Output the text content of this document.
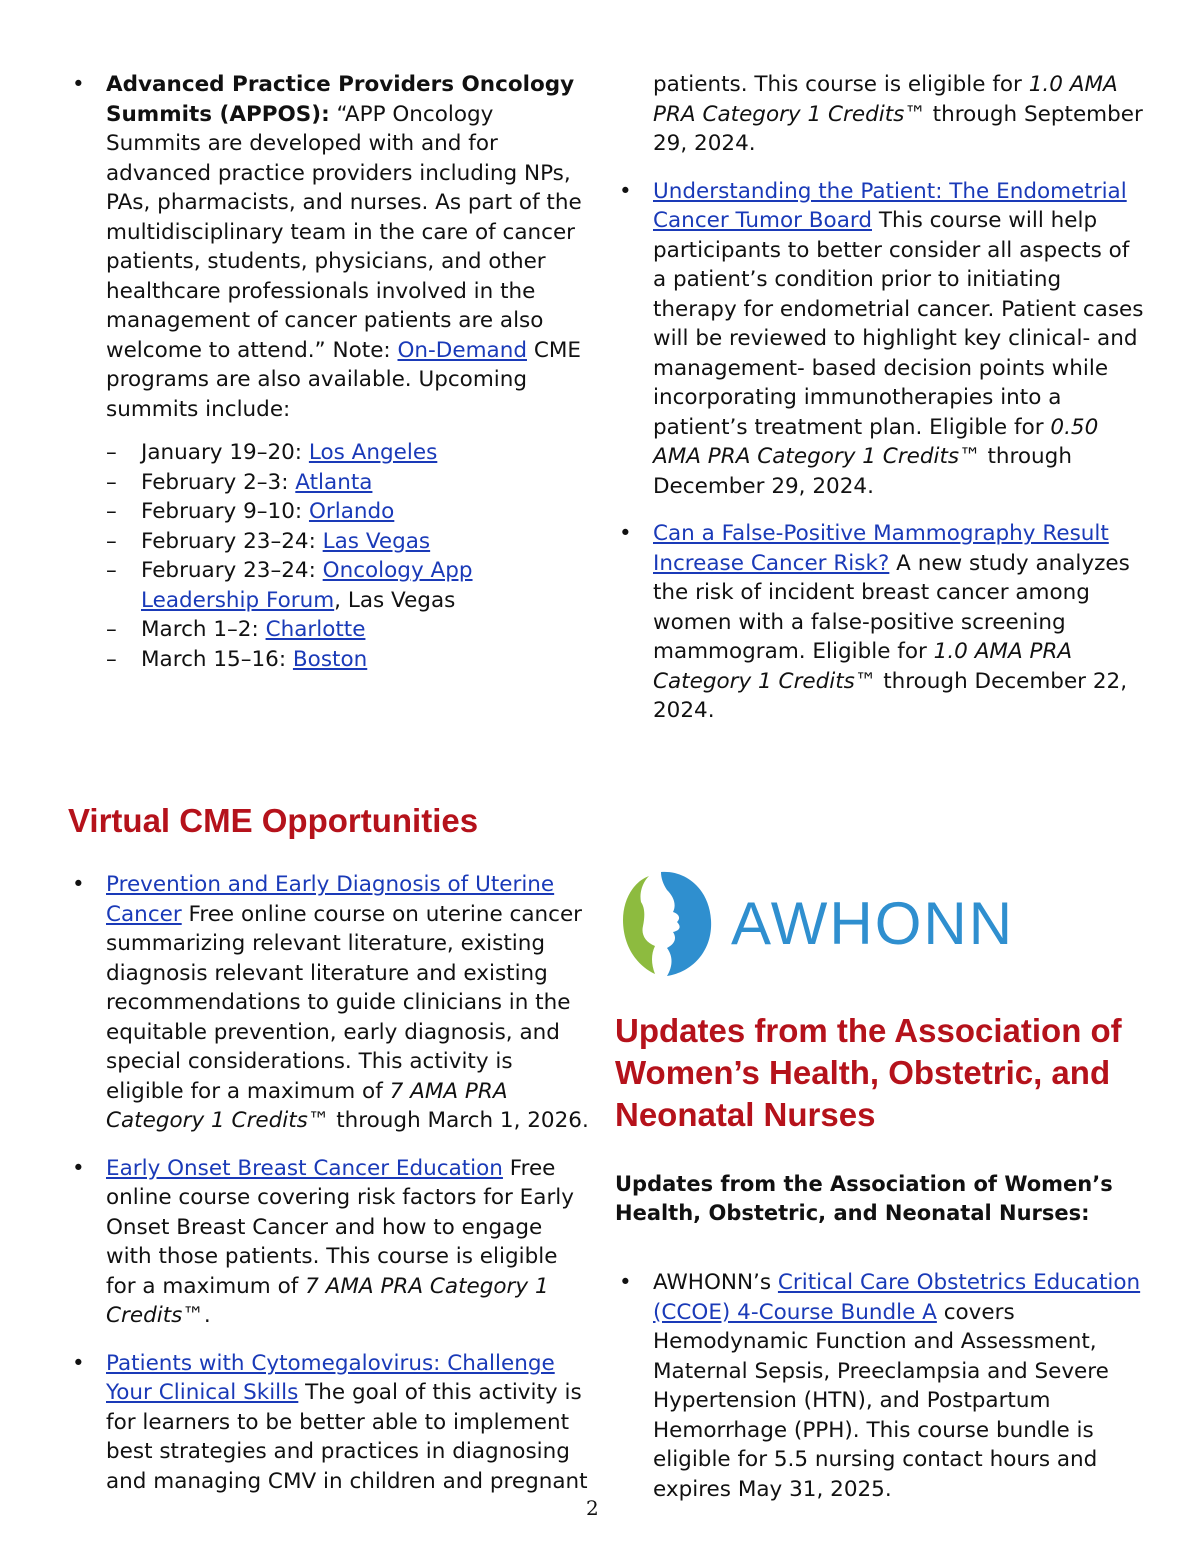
• Advanced Practice Providers Oncology Summits (APPOS): “APP Oncology Summits are developed with and for advanced practice providers including NPs, PAs, pharmacists, and nurses. As part of the multidisciplinary team in the care of cancer patients, students, physicians, and other healthcare professionals involved in the management of cancer patients are also welcome to attend.” Note: On-Demand CME programs are also available. Upcoming summits include:
– January 19–20: Los Angeles
– February 2–3: Atlanta
– February 9–10: Orlando
– February 23–24: Las Vegas
– February 23–24: Oncology App Leadership Forum, Las Vegas
– March 1–2: Charlotte
– March 15–16: Boston

patients. This course is eligible for 1.0 AMA PRA Category 1 Credits™ through September 29, 2024.

• Understanding the Patient: The Endometrial Cancer Tumor Board This course will help participants to better consider all aspects of a patient’s condition prior to initiating therapy for endometrial cancer. Patient cases will be reviewed to highlight key clinical- and management- based decision points while incorporating immunotherapies into a patient’s treatment plan. Eligible for 0.50 AMA PRA Category 1 Credits™ through December 29, 2024.
• Can a False-Positive Mammography Result Increase Cancer Risk? A new study analyzes the risk of incident breast cancer among women with a false-positive screening mammogram. Eligible for 1.0 AMA PRA Category 1 Credits™ through December 22, 2024.
Virtual CME Opportunities
• Prevention and Early Diagnosis of Uterine Cancer Free online course on uterine cancer summarizing relevant literature, existing diagnosis relevant literature and existing recommendations to guide clinicians in the equitable prevention, early diagnosis, and special considerations. This activity is eligible for a maximum of 7 AMA PRA Category 1 Credits™ through March 1, 2026.
• Early Onset Breast Cancer Education Free online course covering risk factors for Early Onset Breast Cancer and how to engage with those patients. This course is eligible for a maximum of 7 AMA PRA Category 1 Credits™.
• Patients with Cytomegalovirus: Challenge Your Clinical Skills The goal of this activity is for learners to be better able to implement best strategies and practices in diagnosing and managing CMV in children and pregnant
AWHONN
Updates from the Association of Women’s Health, Obstetric, and Neonatal Nurses
Updates from the Association of Women’s Health, Obstetric, and Neonatal Nurses:
• AWHONN’s Critical Care Obstetrics Education (CCOE) 4-Course Bundle A covers Hemodynamic Function and Assessment, Maternal Sepsis, Preeclampsia and Severe Hypertension (HTN), and Postpartum Hemorrhage (PPH). This course bundle is eligible for 5.5 nursing contact hours and expires May 31, 2025.
2
